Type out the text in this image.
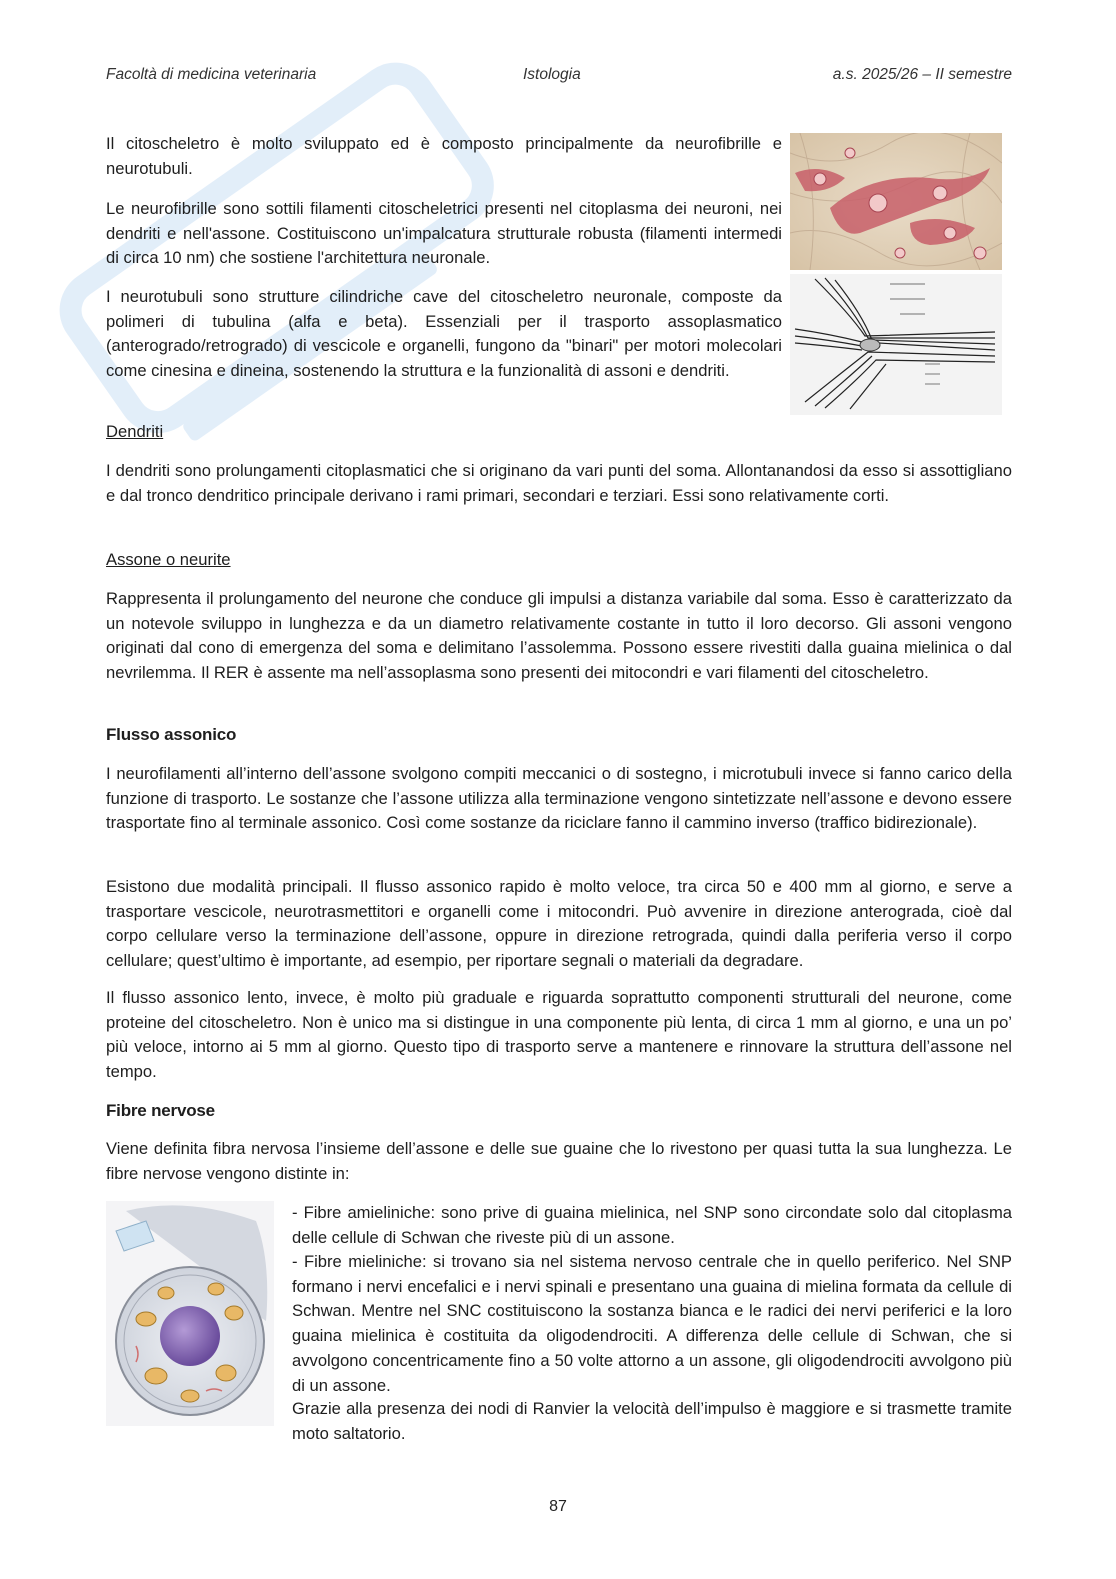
Facoltà di medicina veterinaria	Istologia	a.s. 2025/26 – II semestre

Il citoscheletro è molto sviluppato ed è composto principalmente da neurofibrille e neurotubuli.

Le neurofibrille sono sottili filamenti citoscheletrici presenti nel citoplasma dei neuroni, nei dendriti e nell'assone. Costituiscono un'impalcatura strutturale robusta (filamenti intermedi di circa 10 nm) che sostiene l'architettura neuronale.

I neurotubuli sono strutture cilindriche cave del citoscheletro neuronale, composte da polimeri di tubulina (alfa e beta). Essenziali per il trasporto assoplasmatico (anterogrado/retrogrado) di vescicole e organelli, fungono da "binari" per motori molecolari come cinesina e dineina, sostenendo la struttura e la funzionalità di assoni e dendriti.

Dendriti

I dendriti sono prolungamenti citoplasmatici che si originano da vari punti del soma. Allontanandosi da esso si assottigliano e dal tronco dendritico principale derivano i rami primari, secondari e terziari. Essi sono relativamente corti.

Assone o neurite

Rappresenta il prolungamento del neurone che conduce gli impulsi a distanza variabile dal soma. Esso è caratterizzato da un notevole sviluppo in lunghezza e da un diametro relativamente costante in tutto il loro decorso. Gli assoni vengono originati dal cono di emergenza del soma e delimitano l’assolemma. Possono essere rivestiti dalla guaina mielinica o dal nevrilemma. Il RER è assente ma nell’assoplasma sono presenti dei mitocondri e vari filamenti del citoscheletro.

Flusso assonico

I neurofilamenti all’interno dell’assone svolgono compiti meccanici o di sostegno, i microtubuli invece si fanno carico della funzione di trasporto. Le sostanze che l’assone utilizza alla terminazione vengono sintetizzate nell’assone e devono essere trasportate fino al terminale assonico. Così come sostanze da riciclare fanno il cammino inverso (traffico bidirezionale).

Esistono due modalità principali. Il flusso assonico rapido è molto veloce, tra circa 50 e 400 mm al giorno, e serve a trasportare vescicole, neurotrasmettitori e organelli come i mitocondri. Può avvenire in direzione anterograda, cioè dal corpo cellulare verso la terminazione dell’assone, oppure in direzione retrograda, quindi dalla periferia verso il corpo cellulare; quest’ultimo è importante, ad esempio, per riportare segnali o materiali da degradare.

Il flusso assonico lento, invece, è molto più graduale e riguarda soprattutto componenti strutturali del neurone, come proteine del citoscheletro. Non è unico ma si distingue in una componente più lenta, di circa 1 mm al giorno, e una un po’ più veloce, intorno ai 5 mm al giorno. Questo tipo di trasporto serve a mantenere e rinnovare la struttura dell’assone nel tempo.

Fibre nervose

Viene definita fibra nervosa l’insieme dell’assone e delle sue guaine che lo rivestono per quasi tutta la sua lunghezza. Le fibre nervose vengono distinte in:

- Fibre amieliniche: sono prive di guaina mielinica, nel SNP sono circondate solo dal citoplasma delle cellule di Schwan che riveste più di un assone.

- Fibre mieliniche: si trovano sia nel sistema nervoso centrale che in quello periferico. Nel SNP formano i nervi encefalici e i nervi spinali e presentano una guaina di mielina formata da cellule di Schwan. Mentre nel SNC costituiscono la sostanza bianca e le radici dei nervi periferici e la loro guaina mielinica è costituita da oligodendrociti. A differenza delle cellule di Schwan, che si avvolgono concentricamente fino a 50 volte attorno a un assone, gli oligodendrociti avvolgono più di un assone.

Grazie alla presenza dei nodi di Ranvier la velocità dell’impulso è maggiore e si trasmette tramite moto saltatorio.

87
